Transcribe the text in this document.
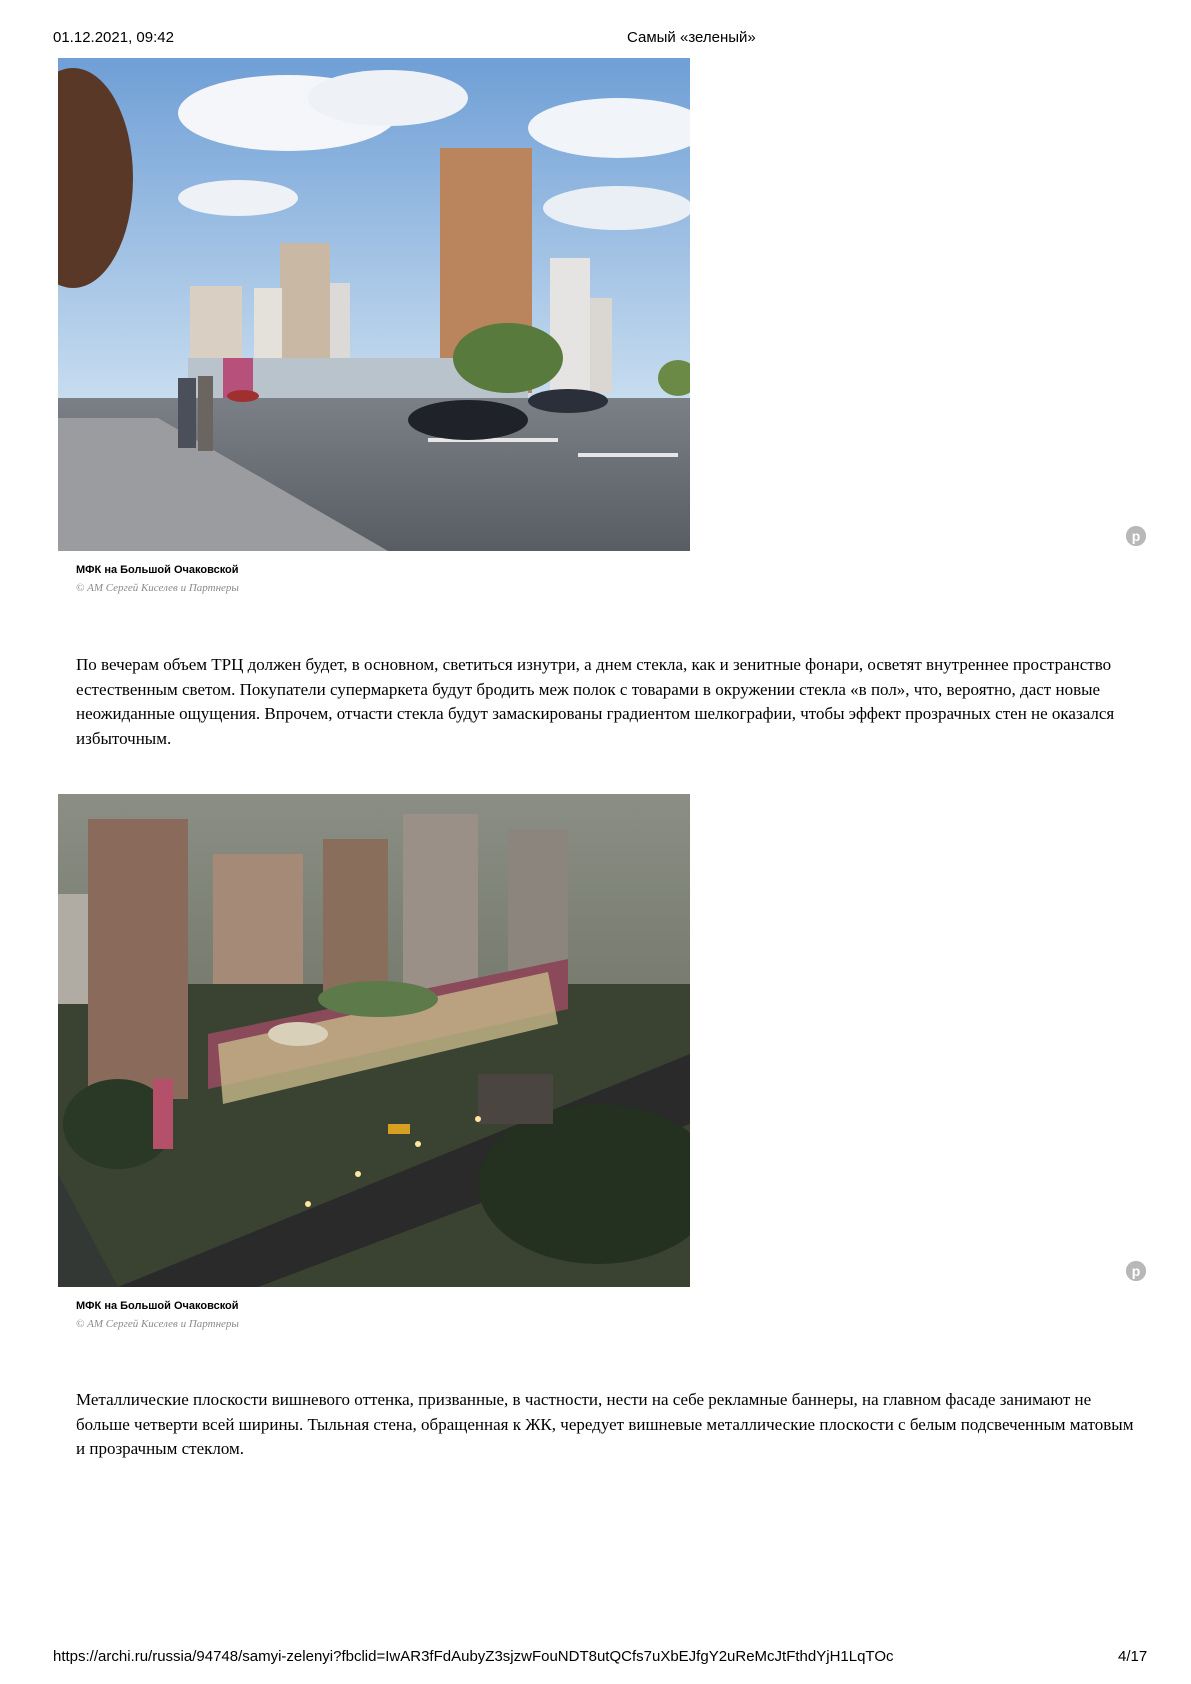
01.12.2021, 09:42	Самый «зеленый»
p
МФК на Большой Очаковской
© АМ Сергей Киселев и Партнеры

По вечерам объем ТРЦ должен будет, в основном, светиться изнутри, а днем стекла, как и зенитные фонари, осветят внутреннее пространство естественным светом. Покупатели супермаркета будут бродить меж полок с товарами в окружении стекла «в пол», что, вероятно, даст новые неожиданные ощущения. Впрочем, отчасти стекла будут замаскированы градиентом шелкографии, чтобы эффект прозрачных стен не оказался избыточным.

p
МФК на Большой Очаковской
© АМ Сергей Киселев и Партнеры

Металлические плоскости вишневого оттенка, призванные, в частности, нести на себе рекламные баннеры, на главном фасаде занимают не больше четверти всей ширины. Тыльная стена, обращенная к ЖК, чередует вишневые металлические плоскости с белым подсвеченным матовым и прозрачным стеклом.

https://archi.ru/russia/94748/samyi-zelenyi?fbclid=IwAR3fFdAubyZ3sjzwFouNDT8utQCfs7uXbEJfgY2uReMcJtFthdYjH1LqTOc	4/17
